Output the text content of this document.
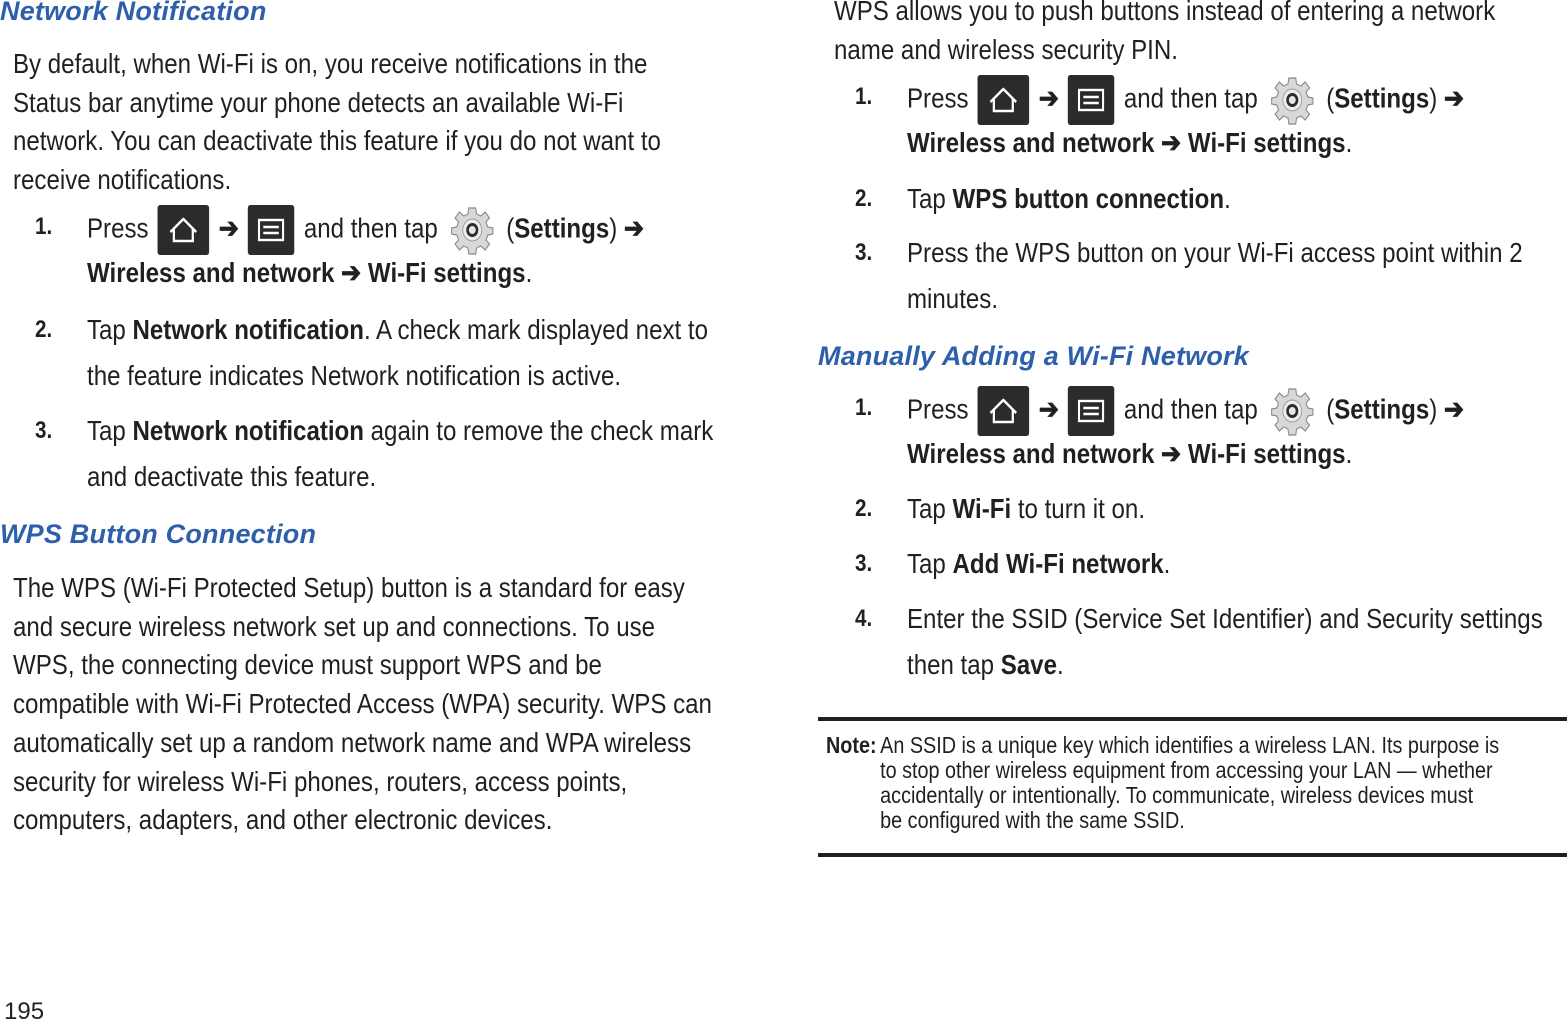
Network Notification
By default, when Wi-Fi is on, you receive notifications in the
Status bar anytime your phone detects an available Wi-Fi
network. You can deactivate this feature if you do not want to
receive notifications.
1. Press	➔ and then tap
(Settings) ➔
Wireless and network ➔ Wi-Fi settings.
2. Tap Network notification. A check mark displayed next to
the feature indicates Network notification is active.
3. Tap Network notification again to remove the check mark
and deactivate this feature.
WPS Button Connection
The WPS (Wi-Fi Protected Setup) button is a standard for easy
and secure wireless network set up and connections. To use
WPS, the connecting device must support WPS and be
compatible with Wi-Fi Protected Access (WPA) security. WPS can
automatically set up a random network name and WPA wireless
security for wireless Wi-Fi phones, routers, access points,
computers, adapters, and other electronic devices.
WPS allows you to push buttons instead of entering a network
name and wireless security PIN.
1. Press	➔ and then tap
(Settings) ➔
Wireless and network ➔ Wi-Fi settings.
2. Tap WPS button connection.
3. Press the WPS button on your Wi-Fi access point within 2
minutes.
Manually Adding a Wi-Fi Network
1. Press	➔ and then tap
(Settings) ➔
Wireless and network ➔ Wi-Fi settings.
2. Tap Wi-Fi to turn it on.
3. Tap Add Wi-Fi network.
4. Enter the SSID (Service Set Identifier) and Security settings
then tap Save.
Note: An SSID is a unique key which identifies a wireless LAN. Its purpose is
to stop other wireless equipment from accessing your LAN — whether
accidentally or intentionally. To communicate, wireless devices must
be configured with the same SSID.
195
